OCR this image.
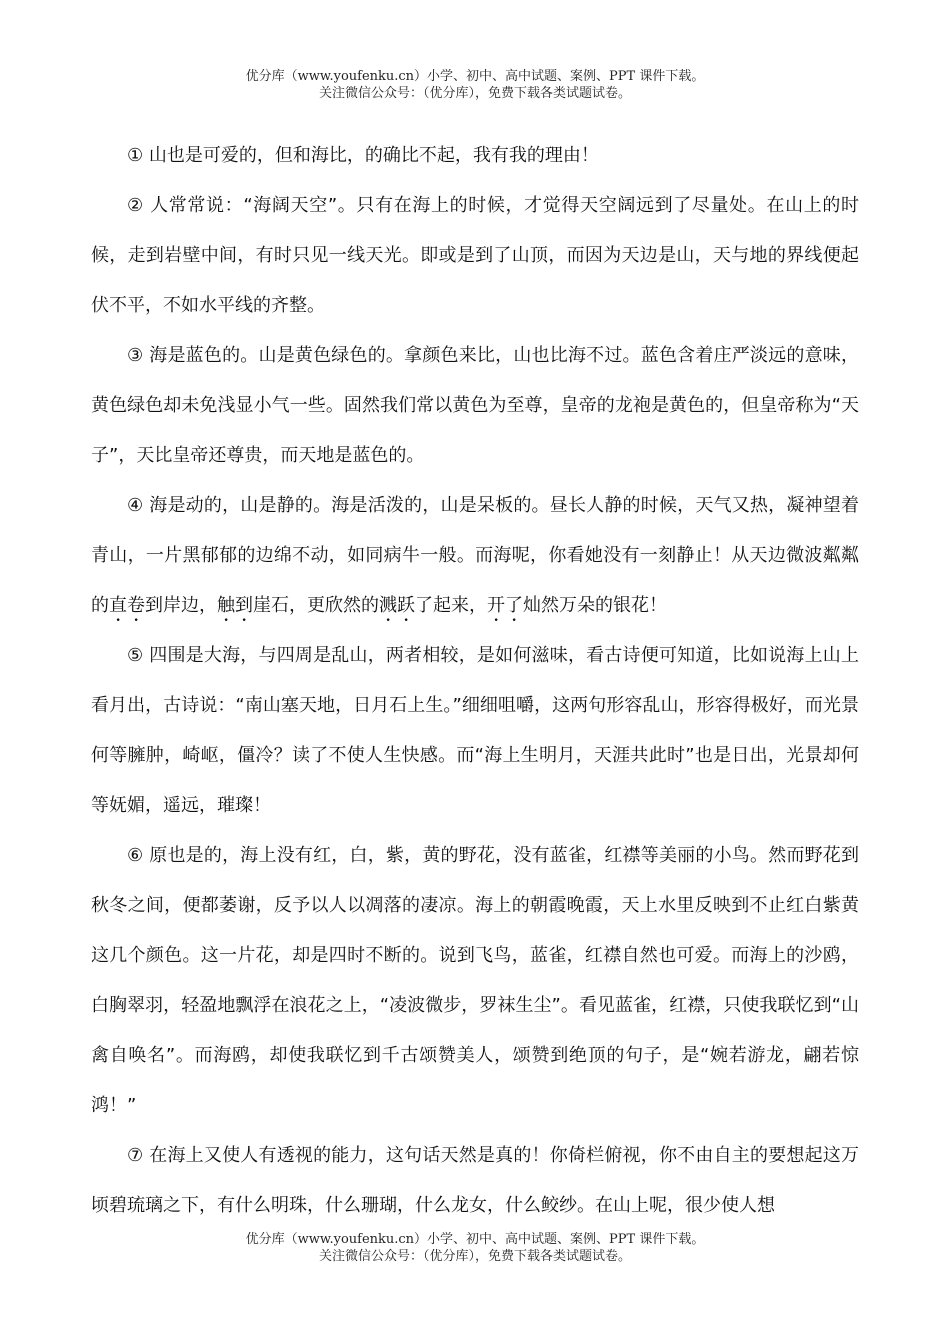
优分库（www.youfenku.cn）小学、初中、高中试题、案例、PPT 课件下载。
关注微信公众号：（优分库），免费下载各类试题试卷。

① 山也是可爱的，但和海比，的确比不起，我有我的理由！

② 人常常说：“海阔天空”。只有在海上的时候，才觉得天空阔远到了尽量处。在山上的时候，走到岩壁中间，有时只见一线天光。即或是到了山顶，而因为天边是山，天与地的界线便起伏不平，不如水平线的齐整。

③ 海是蓝色的。山是黄色绿色的。拿颜色来比，山也比海不过。蓝色含着庄严淡远的意味，黄色绿色却未免浅显小气一些。固然我们常以黄色为至尊，皇帝的龙袍是黄色的，但皇帝称为“天子”，天比皇帝还尊贵，而天地是蓝色的。

④ 海是动的，山是静的。海是活泼的，山是呆板的。昼长人静的时候，天气又热，凝神望着青山，一片黑郁郁的边绵不动，如同病牛一般。而海呢，你看她没有一刻静止！从天边微波粼粼的直卷到岸边，触到崖石，更欣然的溅跃了起来，开了灿然万朵的银花！

⑤ 四围是大海，与四周是乱山，两者相较，是如何滋味，看古诗便可知道，比如说海上山上看月出，古诗说：“南山塞天地，日月石上生。”细细咀嚼，这两句形容乱山，形容得极好，而光景何等臃肿，崎岖，僵冷？读了不使人生快感。而“海上生明月，天涯共此时”也是日出，光景却何等妩媚，遥远，璀璨！

⑥ 原也是的，海上没有红，白，紫，黄的野花，没有蓝雀，红襟等美丽的小鸟。然而野花到秋冬之间，便都萎谢，反予以人以凋落的凄凉。海上的朝霞晚霞，天上水里反映到不止红白紫黄这几个颜色。这一片花，却是四时不断的。说到飞鸟，蓝雀，红襟自然也可爱。而海上的沙鸥，白胸翠羽，轻盈地飘浮在浪花之上，“凌波微步，罗袜生尘”。看见蓝雀，红襟，只使我联忆到“山禽自唤名”。而海鸥，却使我联忆到千古颂赞美人，颂赞到绝顶的句子，是“婉若游龙，翩若惊鸿！”

⑦ 在海上又使人有透视的能力，这句话天然是真的！你倚栏俯视，你不由自主的要想起这万顷碧琉璃之下，有什么明珠，什么珊瑚，什么龙女，什么鲛纱。在山上呢，很少使人想

优分库（www.youfenku.cn）小学、初中、高中试题、案例、PPT 课件下载。
关注微信公众号：（优分库），免费下载各类试题试卷。
